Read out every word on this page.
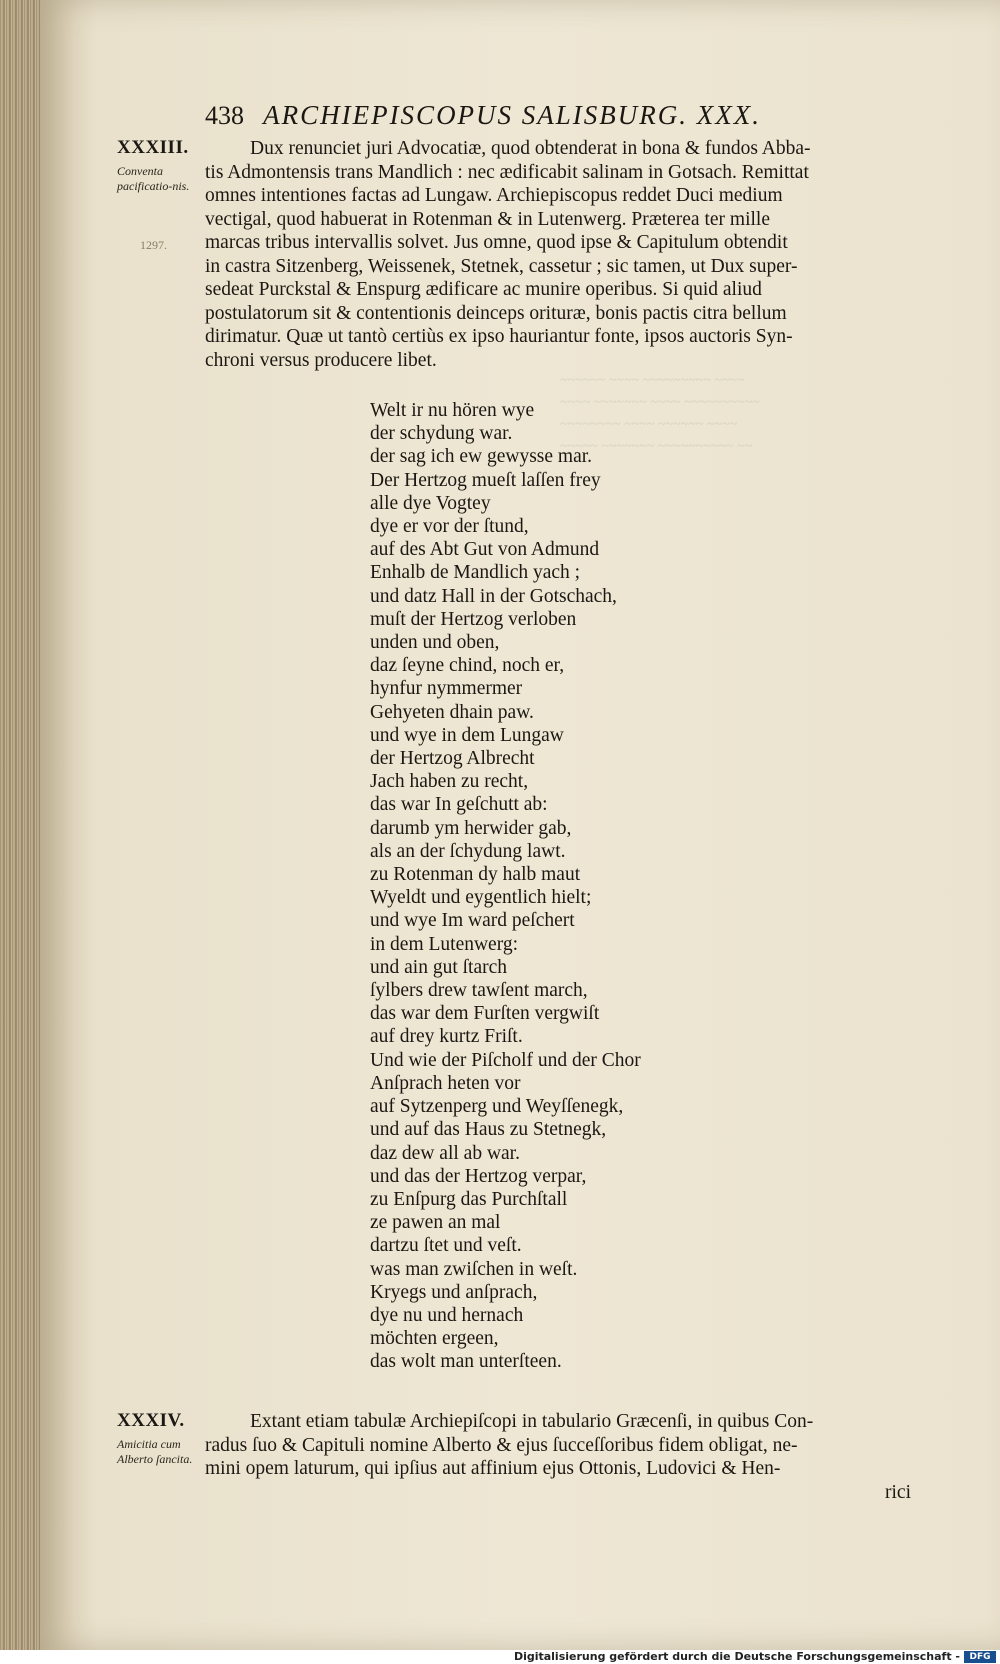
~~~~~~ ~~~~ ~~~~~~~~~ ~~~~
~~~~ ~~~~~~~ ~~~~ ~~~~~~~~~~
~~~~~~~~ ~~~~ ~~~~~~ ~~~~
~~~~~ ~~~~~~~ ~~~~~~~~~~ ~~
438 ARCHIEPISCOPUS SALISBURG. XXX.
XXXIII.
Conventa pacificatio-nis.
1297.
Dux renunciet juri Advocatiæ, quod obtenderat in bona & fundos Abba-
tis Admontensis trans Mandlich : nec ædificabit salinam in Gotsach. Remittat
omnes intentiones factas ad Lungaw. Archiepiscopus reddet Duci medium
vectigal, quod habuerat in Rotenman & in Lutenwerg. Præterea ter mille
marcas tribus intervallis solvet. Jus omne, quod ipse & Capitulum obtendit
in castra Sitzenberg, Weissenek, Stetnek, cassetur ; sic tamen, ut Dux super-
sedeat Purckstal & Enspurg ædificare ac munire operibus. Si quid aliud
postulatorum sit & contentionis deinceps orituræ, bonis pactis citra bellum
dirimatur. Quæ ut tantò certiùs ex ipso hauriantur fonte, ipsos auctoris Syn-
chroni versus producere libet.
Welt ir nu hören wye
der schydung war.
der sag ich ew gewysse mar.
Der Hertzog mueſt laſſen frey
alle dye Vogtey
dye er vor der ſtund,
auf des Abt Gut von Admund
Enhalb de Mandlich yach ;
und datz Hall in der Gotschach,
muſt der Hertzog verloben
unden und oben,
daz ſeyne chind, noch er,
hynfur nymmermer
Gehyeten dhain paw.
und wye in dem Lungaw
der Hertzog Albrecht
Jach haben zu recht,
das war In geſchutt ab:
darumb ym herwider gab,
als an der ſchydung lawt.
zu Rotenman dy halb maut
Wyeldt und eygentlich hielt;
und wye Im ward peſchert
in dem Lutenwerg:
und ain gut ſtarch
ſylbers drew tawſent march,
das war dem Furſten vergwiſt
auf drey kurtz Friſt.
Und wie der Piſcholf und der Chor
Anſprach heten vor
auf Sytzenperg und Weyſſenegk,
und auf das Haus zu Stetnegk,
daz dew all ab war.
und das der Hertzog verpar,
zu Enſpurg das Purchſtall
ze pawen an mal
dartzu ſtet und veſt.
was man zwiſchen in weſt.
Kryegs und anſprach,
dye nu und hernach
möchten ergeen,
das wolt man unterſteen.
XXXIV.
Amicitia cum Alberto ſancita.
Extant etiam tabulæ Archiepiſcopi in tabulario Græcenſi, in quibus Con-
radus ſuo & Capituli nomine Alberto & ejus ſucceſſoribus fidem obligat, ne-
mini opem laturum, qui ipſius aut affinium ejus Ottonis, Ludovici & Hen-
rici
Digitalisierung gefördert durch die Deutsche Forschungsgemeinschaft -	DFG
